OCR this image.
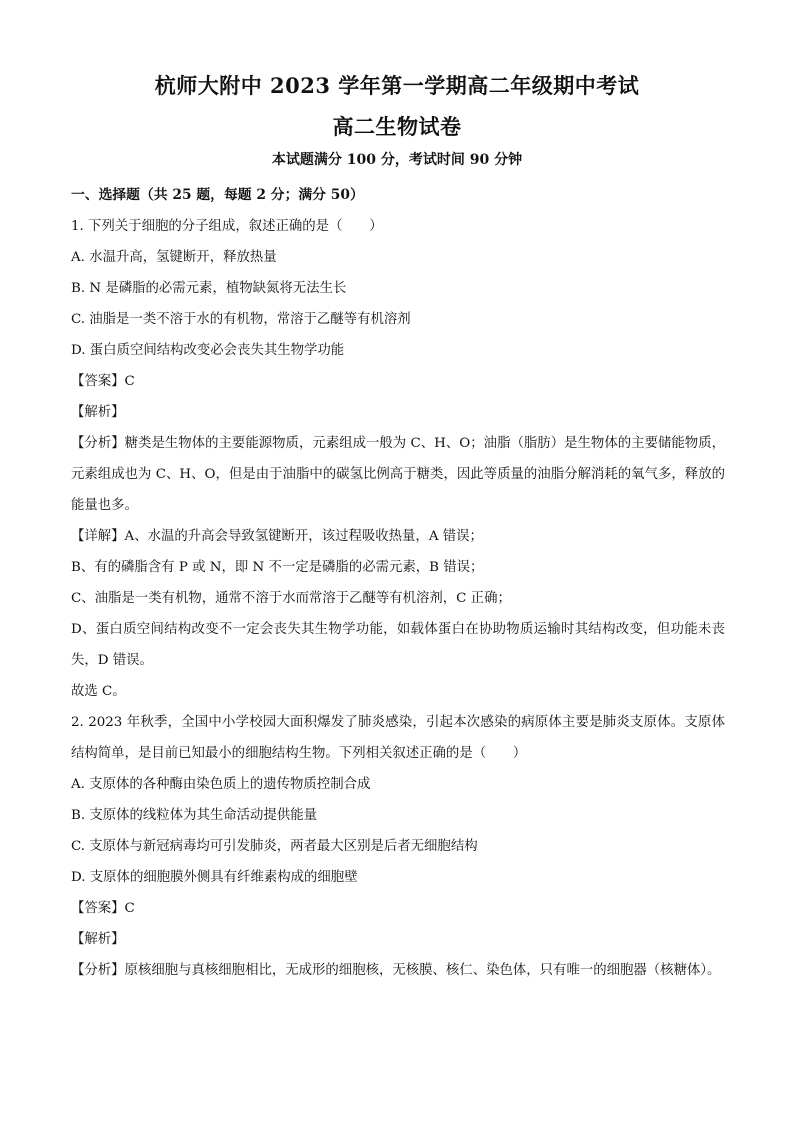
杭师大附中 2023 学年第一学期高二年级期中考试
高二生物试卷
本试题满分 100 分，考试时间 90 分钟
一、选择题（共 25 题，每题 2 分；满分 50）
1. 下列关于细胞的分子组成，叙述正确的是（　　）
A. 水温升高，氢键断开，释放热量
B. N 是磷脂的必需元素，植物缺氮将无法生长
C. 油脂是一类不溶于水的有机物，常溶于乙醚等有机溶剂
D. 蛋白质空间结构改变必会丧失其生物学功能
【答案】C
【解析】
【分析】糖类是生物体的主要能源物质，元素组成一般为 C、H、O；油脂（脂肪）是生物体的主要储能物质，元素组成也为 C、H、O，但是由于油脂中的碳氢比例高于糖类，因此等质量的油脂分解消耗的氧气多，释放的能量也多。
【详解】A、水温的升高会导致氢键断开，该过程吸收热量，A 错误；
B、有的磷脂含有 P 或 N，即 N 不一定是磷脂的必需元素，B 错误；
C、油脂是一类有机物，通常不溶于水而常溶于乙醚等有机溶剂，C 正确；
D、蛋白质空间结构改变不一定会丧失其生物学功能，如载体蛋白在协助物质运输时其结构改变，但功能未丧失，D 错误。
故选 C。
2. 2023 年秋季，全国中小学校园大面积爆发了肺炎感染，引起本次感染的病原体主要是肺炎支原体。支原体结构简单，是目前已知最小的细胞结构生物。下列相关叙述正确的是（　　）
A. 支原体的各种酶由染色质上的遗传物质控制合成
B. 支原体的线粒体为其生命活动提供能量
C. 支原体与新冠病毒均可引发肺炎，两者最大区别是后者无细胞结构
D. 支原体的细胞膜外侧具有纤维素构成的细胞壁
【答案】C
【解析】
【分析】原核细胞与真核细胞相比，无成形的细胞核，无核膜、核仁、染色体，只有唯一的细胞器（核糖体）。
